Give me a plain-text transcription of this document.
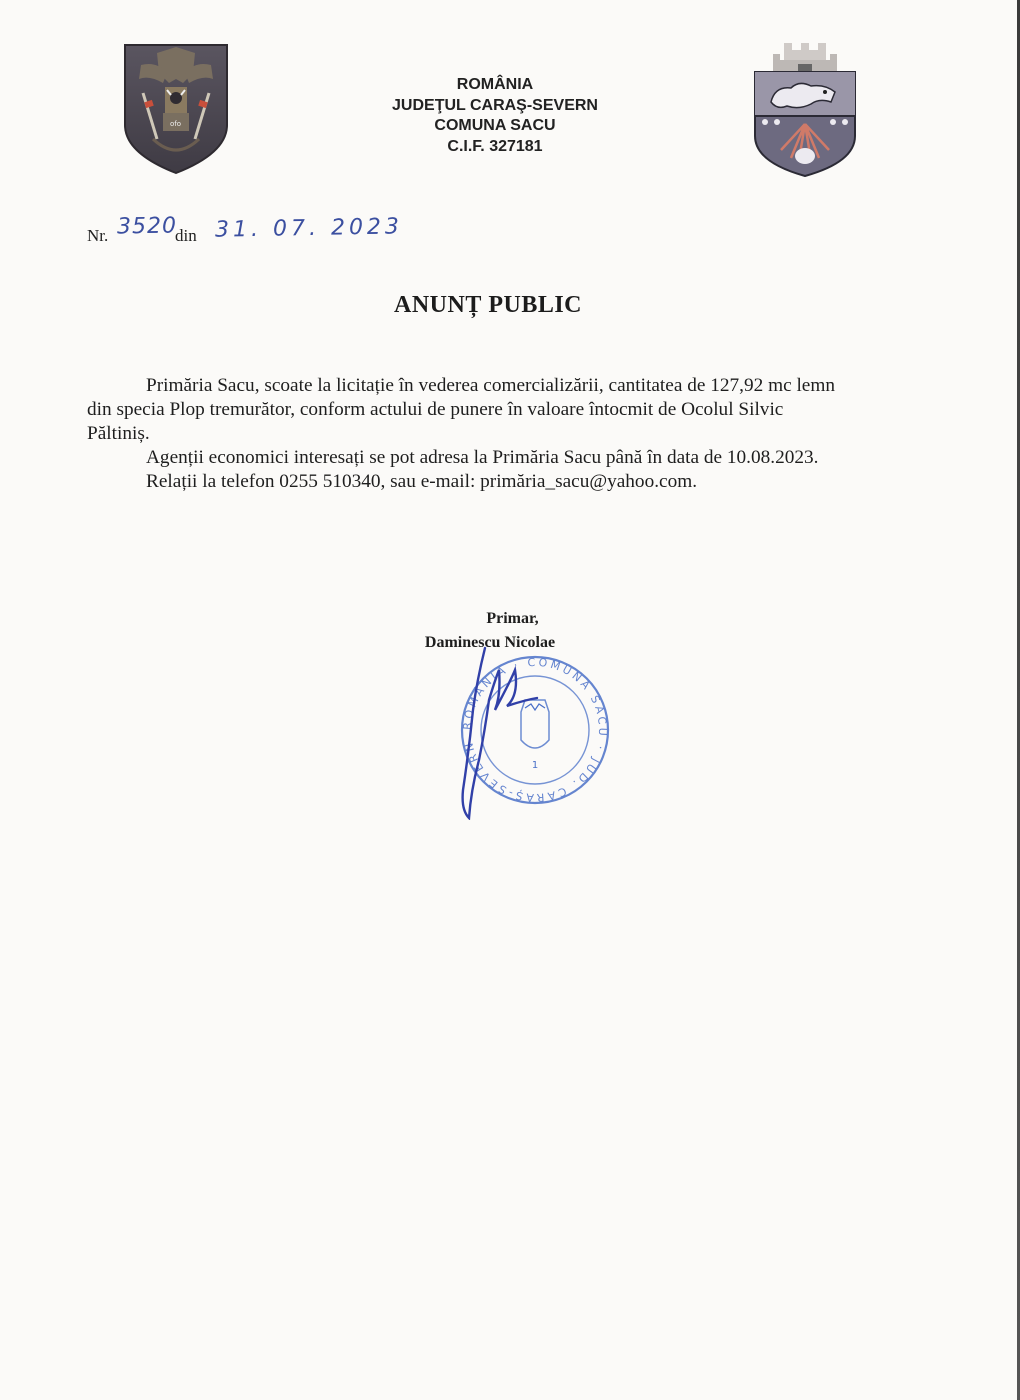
ofo
ROMÂNIA
JUDEŢUL CARAŞ-SEVERN
COMUNA SACU
C.I.F. 327181
Nr. 3520
din 31. 07. 2023
ANUNȚ PUBLIC

Primăria Sacu, scoate la licitație în vederea comercializării, cantitatea de 127,92 mc lemn din specia Plop tremurător, conform actului de punere în valoare întocmit de Ocolul Silvic Păltiniș.

Agenții economici interesați se pot adresa la Primăria Sacu până în data de 10.08.2023.

Relații la telefon 0255 510340, sau e-mail: primăria_sacu@yahoo.com.

Primar,
Daminescu Nicolae
ROMÂNIA · COMUNA SACU · JUD. CARAȘ-SEVERN
1
